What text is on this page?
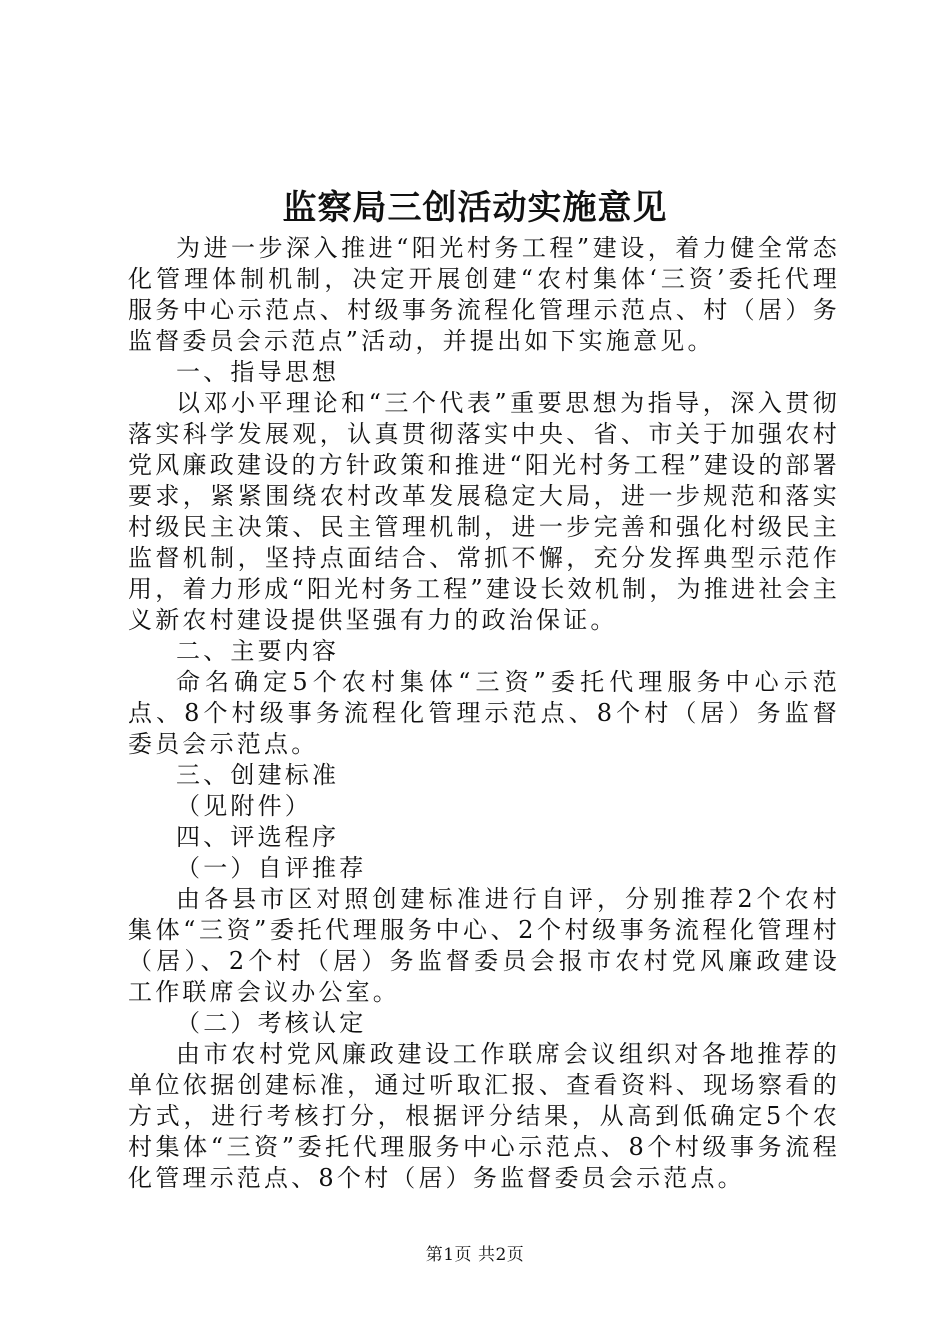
监察局三创活动实施意见

为进一步深入推进“阳光村务工程”建设，着力健全常态化管理体制机制，决定开展创建“农村集体‘三资’委托代理服务中心示范点、村级事务流程化管理示范点、村（居）务监督委员会示范点”活动，并提出如下实施意见。

一、指导思想

以邓小平理论和“三个代表”重要思想为指导，深入贯彻落实科学发展观，认真贯彻落实中央、省、市关于加强农村党风廉政建设的方针政策和推进“阳光村务工程”建设的部署要求，紧紧围绕农村改革发展稳定大局，进一步规范和落实村级民主决策、民主管理机制，进一步完善和强化村级民主监督机制，坚持点面结合、常抓不懈，充分发挥典型示范作用，着力形成“阳光村务工程”建设长效机制，为推进社会主义新农村建设提供坚强有力的政治保证。

二、主要内容

命名确定5个农村集体“三资”委托代理服务中心示范点、8个村级事务流程化管理示范点、8个村（居）务监督委员会示范点。

三、创建标准

（见附件）

四、评选程序

（一）自评推荐

由各县市区对照创建标准进行自评，分别推荐2个农村集体“三资”委托代理服务中心、2个村级事务流程化管理村（居）、2个村（居）务监督委员会报市农村党风廉政建设工作联席会议办公室。

（二）考核认定

由市农村党风廉政建设工作联席会议组织对各地推荐的单位依据创建标准，通过听取汇报、查看资料、现场察看的方式，进行考核打分，根据评分结果，从高到低确定5个农村集体“三资”委托代理服务中心示范点、8个村级事务流程化管理示范点、8个村（居）务监督委员会示范点。

第1页 共2页
